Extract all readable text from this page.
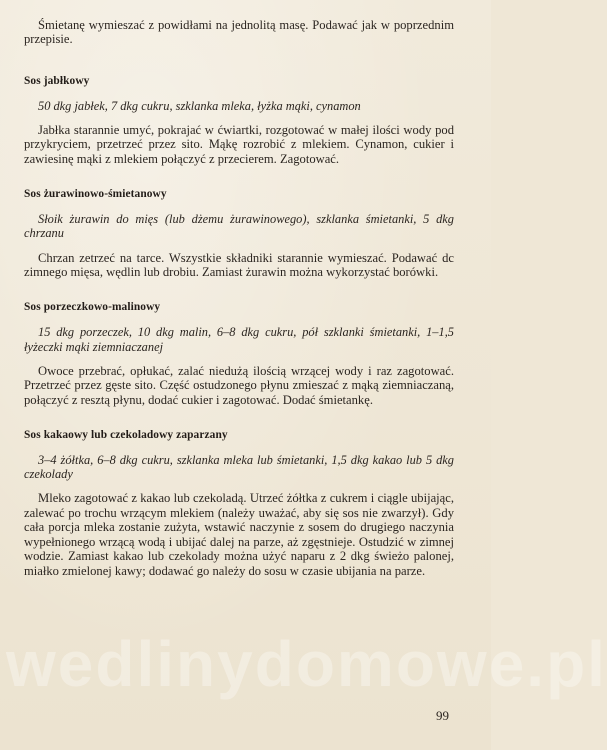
Śmietanę wymieszać z powidłami na jednolitą masę. Podawać jak w poprzednim przepisie.

Sos jabłkowy

50 dkg jabłek, 7 dkg cukru, szklanka mleka, łyżka mąki, cynamon

Jabłka starannie umyć, pokrajać w ćwiartki, rozgotować w małej ilości wody pod przykryciem, przetrzeć przez sito. Mąkę rozrobić z mlekiem. Cynamon, cukier i zawiesinę mąki z mlekiem połączyć z przecierem. Zagotować.

Sos żurawinowo-śmietanowy

Słoik żurawin do mięs (lub dżemu żurawinowego), szklanka śmietanki, 5 dkg chrzanu

Chrzan zetrzeć na tarce. Wszystkie składniki starannie wymieszać. Podawać dc zimnego mięsa, wędlin lub drobiu. Zamiast żurawin można wykorzystać borówki.

Sos porzeczkowo-malinowy

15 dkg porzeczek, 10 dkg malin, 6–8 dkg cukru, pół szklanki śmietanki, 1–1,5 łyżeczki mąki ziemniaczanej

Owoce przebrać, opłukać, zalać niedużą ilością wrzącej wody i raz zagotować. Przetrzeć przez gęste sito. Część ostudzonego płynu zmieszać z mąką ziemniaczaną, połączyć z resztą płynu, dodać cukier i zagotować. Dodać śmietankę.

Sos kakaowy lub czekoladowy zaparzany

3–4 żółtka, 6–8 dkg cukru, szklanka mleka lub śmietanki, 1,5 dkg kakao lub 5 dkg czekolady

Mleko zagotować z kakao lub czekoladą. Utrzeć żółtka z cukrem i ciągle ubijając, zalewać po trochu wrzącym mlekiem (należy uważać, aby się sos nie zwarzył). Gdy cała porcja mleka zostanie zużyta, wstawić naczynie z sosem do drugiego naczynia wypełnionego wrzącą wodą i ubijać dalej na parze, aż zgęstnieje. Ostudzić w zimnej wodzie. Zamiast kakao lub czekolady można użyć naparu z 2 dkg świeżo palonej, miałko zmielonej kawy; dodawać go należy do sosu w czasie ubijania na parze.

wedlinydomowe.pl
99
